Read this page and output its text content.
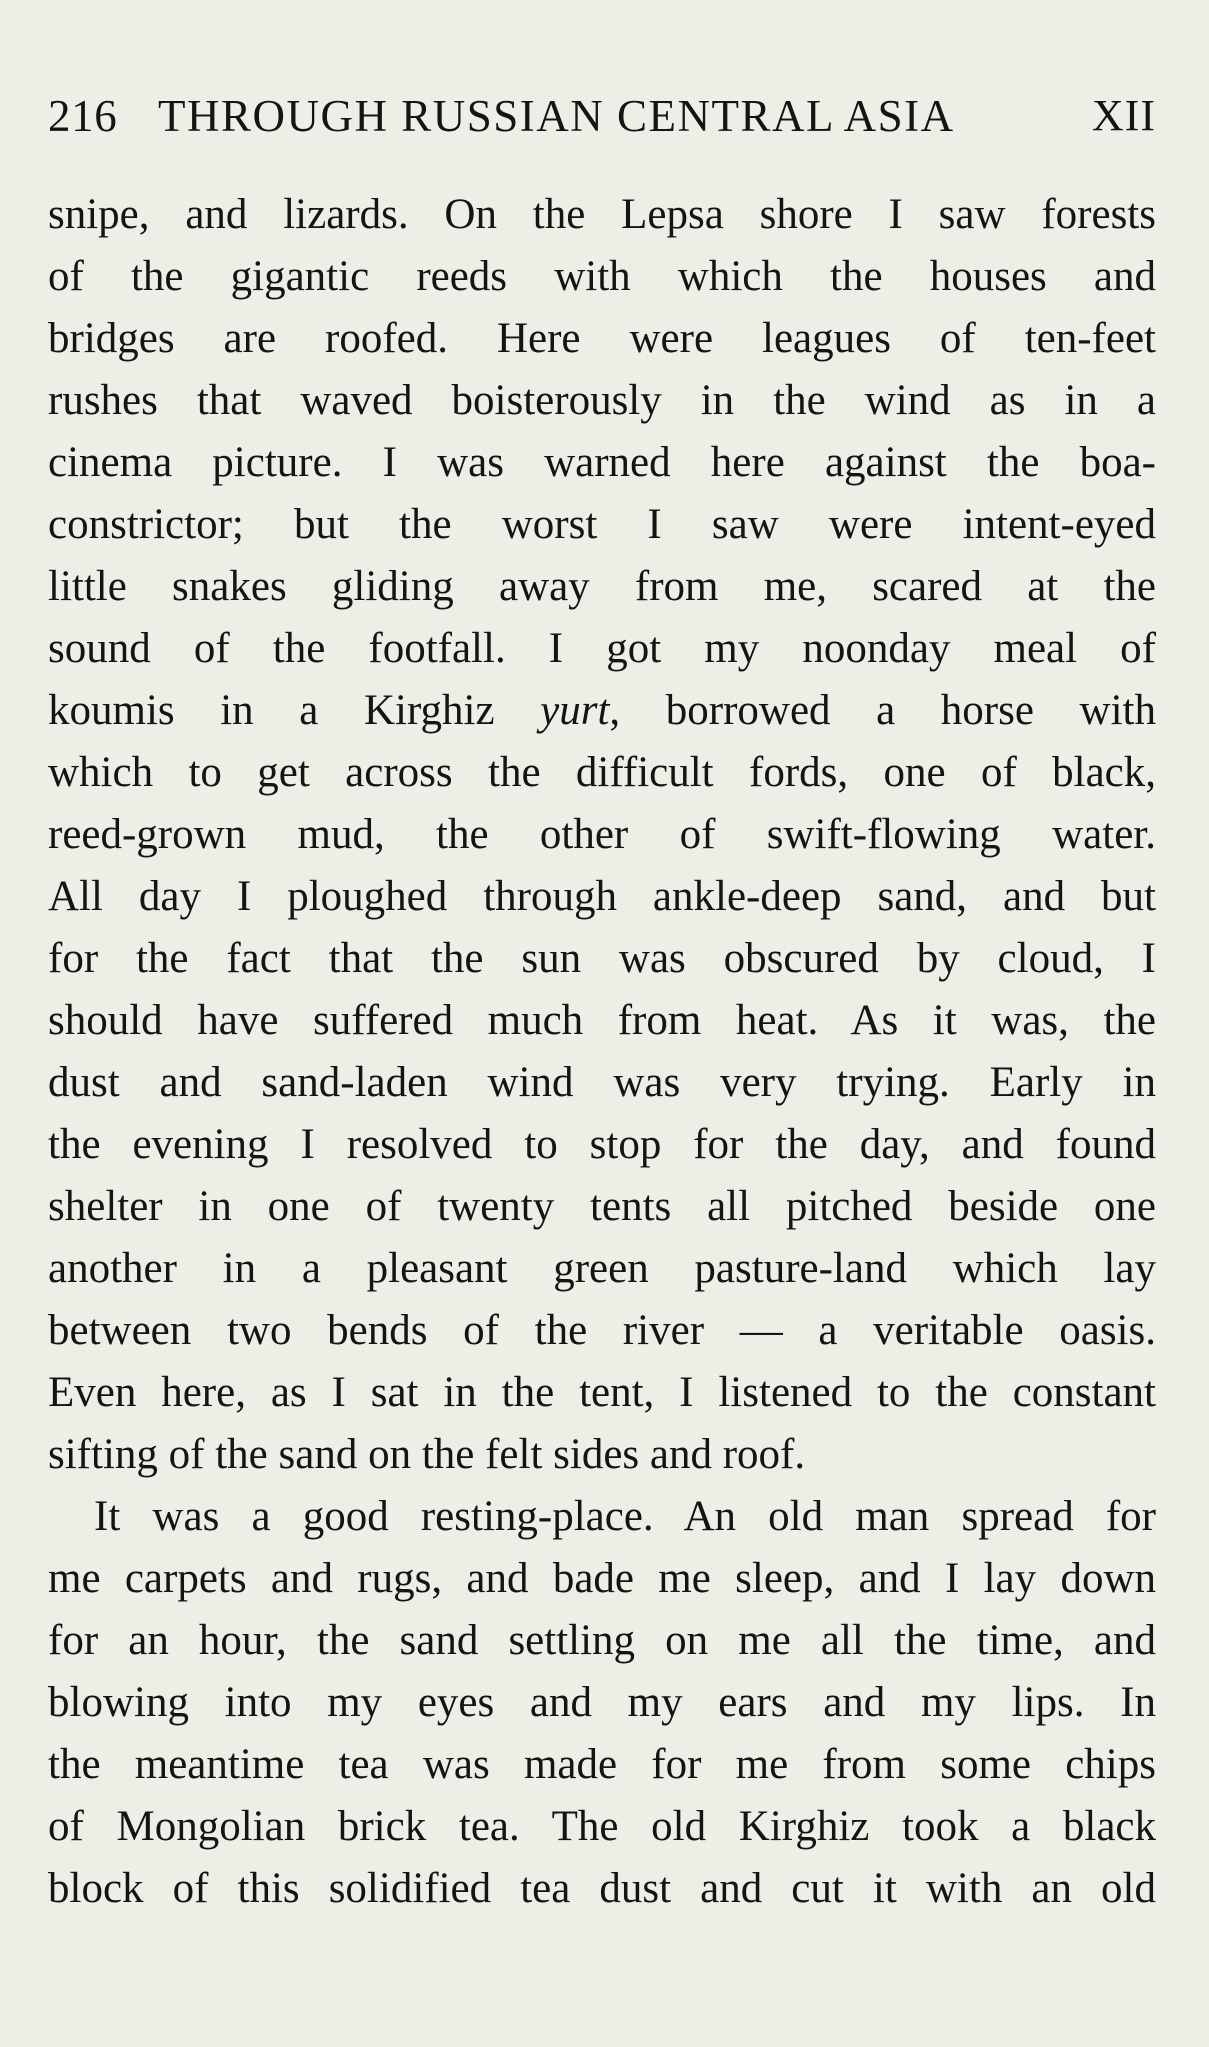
216 THROUGH RUSSIAN CENTRAL ASIA	XII
snipe, and lizards. On the Lepsa shore I saw forests
of the gigantic reeds with which the houses and
bridges are roofed. Here were leagues of ten-feet
rushes that waved boisterously in the wind as in a
cinema picture. I was warned here against the boa-
constrictor; but the worst I saw were intent-eyed
little snakes gliding away from me, scared at the
sound of the footfall. I got my noonday meal of
koumis in a Kirghiz yurt, borrowed a horse with
which to get across the difficult fords, one of black,
reed-grown mud, the other of swift-flowing water.
All day I ploughed through ankle-deep sand, and but
for the fact that the sun was obscured by cloud, I
should have suffered much from heat. As it was, the
dust and sand-laden wind was very trying. Early in
the evening I resolved to stop for the day, and found
shelter in one of twenty tents all pitched beside one
another in a pleasant green pasture-land which lay
between two bends of the river — a veritable oasis.
Even here, as I sat in the tent, I listened to the constant
sifting of the sand on the felt sides and roof.
It was a good resting-place. An old man spread for
me carpets and rugs, and bade me sleep, and I lay down
for an hour, the sand settling on me all the time, and
blowing into my eyes and my ears and my lips. In
the meantime tea was made for me from some chips
of Mongolian brick tea. The old Kirghiz took a black
block of this solidified tea dust and cut it with an old
